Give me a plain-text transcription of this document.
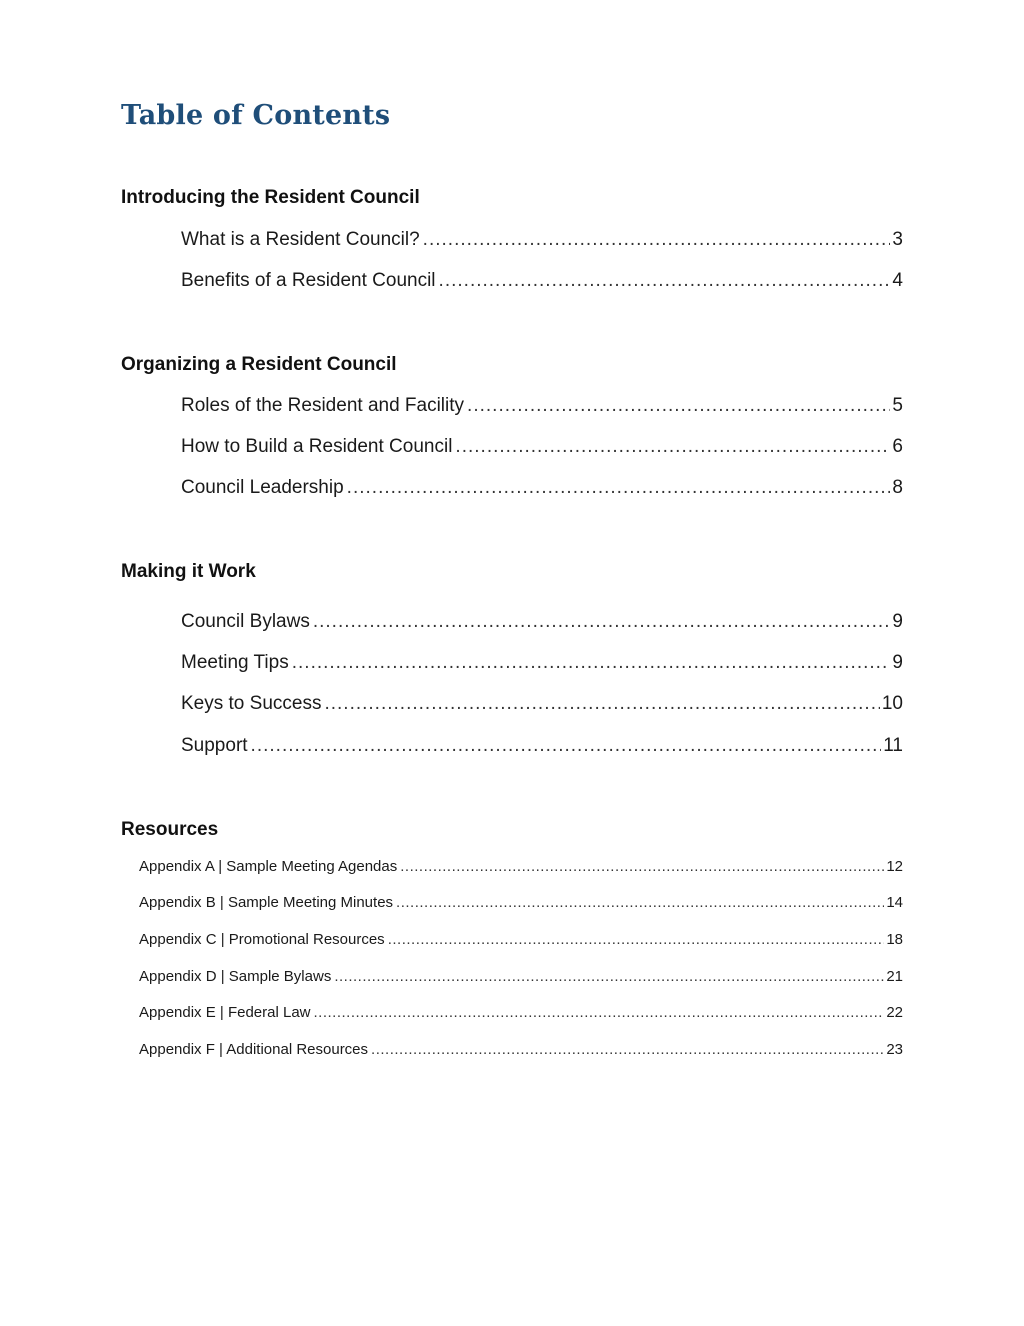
Table of Contents
Introducing the Resident Council
What is a Resident Council? .....	3
Benefits of a Resident Council .....	4
Organizing a Resident Council
Roles of the Resident and Facility .....	5
How to Build a Resident Council .....	6
Council Leadership .....	8
Making it Work
Council Bylaws .....	9
Meeting Tips .....	9
Keys to Success .....	10
Support .....	11
Resources
Appendix A | Sample Meeting Agendas .....	12
Appendix B | Sample Meeting Minutes .....	14
Appendix C | Promotional Resources .....	18
Appendix D | Sample Bylaws .....	21
Appendix E | Federal Law .....	22
Appendix F | Additional Resources .....	23
